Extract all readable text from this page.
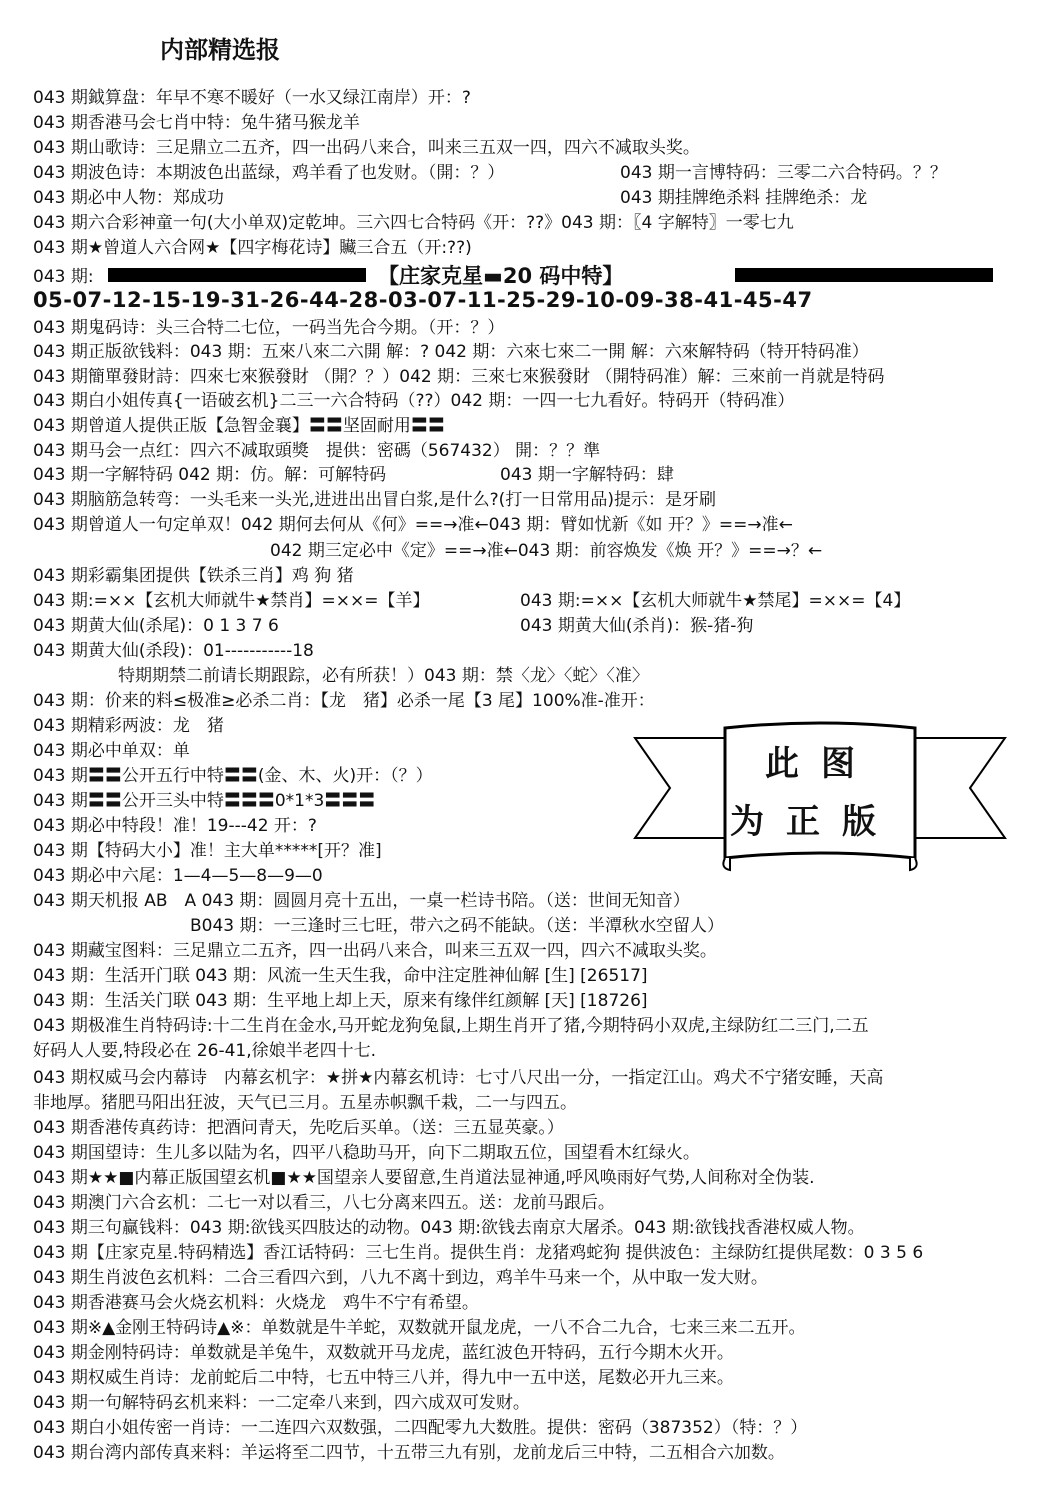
内部精选报
043 期鉞算盘：年早不寒不暖好（一水又绿江南岸）开：?
043 期香港马会七肖中特：兔牛猪马猴龙羊
043 期山歌诗：三足鼎立二五齐，四一出码八来合，叫来三五双一四，四六不减取头奖。
043 期波色诗：本期波色出蓝绿，鸡羊看了也发财。（開：？）
043 期必中人物：郑成功
043 期六合彩神童一句(大小单双)定乾坤。三六四七合特码《开：??》043 期：〖4 字解特〗一零七九
043 期★曾道人六合网★【四字梅花诗】贜三合五（开:??)
043 期鬼码诗：头三合特二七位，一码当先合今期。（开：？）
043 期正版欲钱料：043 期：五來八來二六開 解：? 042 期：六來七來二一開 解：六來解特码（特开特码准）
043 期簡單發財詩：四來七來猴發財 （開？？）042 期：三來七來猴發財 （開特码准）解：三來前一肖就是特码
043 期白小姐传真{一语破玄机}二三一六合特码（??）042 期：一四一七九看好。特码开（特码准）
043 期曾道人提供正版【急智金襄】〓〓坚固耐用〓〓
043 期马会一点红：四六不减取頭獎　提供：密碼（567432） 開：？？準
043 期一字解特码 042 期：仿。解：可解特码
043 期脑筋急转弯：一头毛来一头光,进进出出冒白浆,是什么?(打一日常用品)提示：是牙刷
043 期曾道人一句定单双！042 期何去何从《何》==→准←043 期：臂如忧新《如 开？》==→准←
043 期彩霸集团提供【铁杀三肖】鸡 狗 猪
043 期:=××【玄机大师就牛★禁肖】=××=【羊】
043 期黄大仙(杀尾)：0 1 3 7 6
043 期黄大仙(杀段)：01-----------18
043 期：价来的料≤极准≥必杀二肖：【龙　猪】必杀一尾【3 尾】100%准-准开：
043 期精彩两波：龙　猪
043 期必中单双：单
043 期〓〓公开五行中特〓〓(金、木、火)开：（？）
043 期〓〓公开三头中特〓〓〓0*1*3〓〓〓
043 期必中特段！准！19---42 开：?
043 期【特码大小】准！主大单*****[开？准]
043 期必中六尾：1—4—5—8—9—0
043 期天机报 AB　A 043 期：圆圆月亮十五出，一桌一栏诗书陪。（送：世间无知音）
043 期藏宝图料：三足鼎立二五齐，四一出码八来合，叫来三五双一四，四六不减取头奖。
043 期：生活开门联 043 期：风流一生天生我，命中注定胜神仙解 [生] [26517]
043 期：生活关门联 043 期：生平地上却上天，原来有缘伴红颜解 [天] [18726]
043 期极准生肖特码诗:十二生肖在金水,马开蛇龙狗兔鼠,上期生肖开了猪,今期特码小双虎,主绿防红二三门,二五
好码人人要,特段必在 26-41,徐娘半老四十七.
043 期权威马会内幕诗　内幕玄机字：★拼★内幕玄机诗：七寸八尺出一分，一指定江山。鸡犬不宁猪安睡，天高
非地厚。猪肥马阳出狂波，天气已三月。五星赤帜飘千栽，二一与四五。
043 期香港传真药诗：把酒问青天，先吃后买单。（送：三五显英豪。）
043 期国望诗：生儿多以陆为名，四平八稳助马开，向下二期取五位，国望看木红绿火。
043 期★★■内幕正版国望玄机■★★国望亲人要留意,生肖道法显神通,呼风唤雨好气势,人间称对全伪装.
043 期澳门六合玄机：二七一对以看三，八七分离来四五。送：龙前马跟后。
043 期三句赢钱料：043 期:欲钱买四肢达的动物。043 期:欲钱去南京大屠杀。043 期:欲钱找香港权威人物。
043 期【庄家克星.特码精选】香江话特码：三七生肖。提供生肖：龙猪鸡蛇狗 提供波色：主绿防红提供尾数：0 3 5 6
043 期生肖波色玄机料：二合三看四六到，八九不离十到边，鸡羊牛马来一个，从中取一发大财。
043 期香港赛马会火烧玄机料：火烧龙　鸡牛不宁有希望。
043 期※▲金刚王特码诗▲※：单数就是牛羊蛇，双数就开鼠龙虎，一八不合二九合，七来三来二五开。
043 期金刚特码诗：单数就是羊兔牛，双数就开马龙虎，蓝红波色开特码，五行今期木火开。
043 期权威生肖诗：龙前蛇后二中特，七五中特三八并，得九中一五中送，尾数必开九三来。
043 期一句解特码玄机来料：一二定牵八来到，四六成双可发财。
043 期白小姐传密一肖诗：一二连四六双数强，二四配零九大数胜。提供：密码（387352）（特：？）
043 期台湾内部传真来料：羊运将至二四节，十五带三九有别，龙前龙后三中特，二五相合六加数。
043 期:	【庄家克星▬20 码中特】
05-07-12-15-19-31-26-44-28-03-07-11-25-29-10-09-38-41-45-47
043 期一言博特码：三零二六合特码。？？
043 期挂牌绝杀料 挂牌绝杀：龙
043 期一字解特码：肆
042 期三定必中《定》==→准←043 期：前容焕发《焕 开？》==→？←
043 期:=××【玄机大师就牛★禁尾】=××=【4】
043 期黄大仙(杀肖)：猴-猪-狗
特期期禁二前请长期跟踪，必有所获！）043 期：禁〈龙〉〈蛇〉〈准〉
B043 期：一三逢时三七旺，带六之码不能缺。（送：半潭秋水空留人）
此图
为正版
